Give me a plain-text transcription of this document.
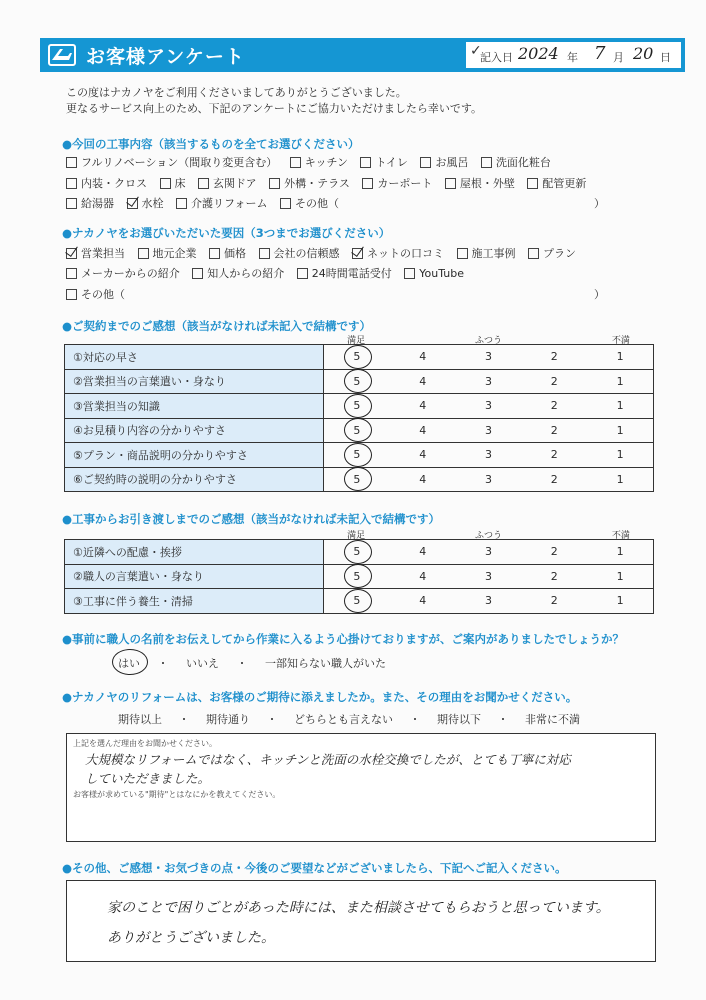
お客様アンケート	✓
記入日 2024 年 7 月 20 日
この度はナカノヤをご利用くださいましてありがとうございました。
更なるサービス向上のため、下記のアンケートにご協力いただけましたら幸いです。
●今回の工事内容（該当するものを全てお選びください）
フルリノベーション（間取り変更含む）
	キッチン
	トイレ
	お風呂
	洗面化粧台
内装・クロス
	床
	玄関ドア
	外構・テラス
	カーポート
	屋根・外壁
	配管更新
給湯器
	水栓
	介護リフォーム
	その他（	）
●ナカノヤをお選びいただいた要因（3つまでお選びください）
営業担当
	地元企業
	価格
	会社の信頼感
	ネットの口コミ
	施工事例
	プラン
メーカーからの紹介
	知人からの紹介
	24時間電話受付
	YouTube
その他（	）
●ご契約までのご感想（該当がなければ未記入で結構です）
満足	ふつう	不満
①対応の早さ	5 4 3 2 1

②営業担当の言葉遣い・身なり	5 4 3 2 1

③営業担当の知識	5 4 3 2 1

④お見積り内容の分かりやすさ	5 4 3 2 1

⑤プラン・商品説明の分かりやすさ	5 4 3 2 1

⑥ご契約時の説明の分かりやすさ	5 4 3 2 1
●工事からお引き渡しまでのご感想（該当がなければ未記入で結構です）
満足	ふつう	不満
①近隣への配慮・挨拶	5 4 3 2 1

②職人の言葉遣い・身なり	5 4 3 2 1

③工事に伴う養生・清掃	5 4 3 2 1
●事前に職人の名前をお伝えしてから作業に入るよう心掛けておりますが、ご案内がありましたでしょうか？
はい ・ いいえ ・ 一部知らない職人がいた
●ナカノヤのリフォームは、お客様のご期待に添えましたか。また、その理由をお聞かせください。
期待以上 ・ 期待通り ・ どちらとも言えない ・ 期待以下 ・ 非常に不満
上記を選んだ理由をお聞かせください。
大規模なリフォームではなく、キッチンと洗面の水栓交換でしたが、とても丁寧に対応
していただきました。
お客様が求めている"期待"とはなにかを教えてください。
●その他、ご感想・お気づきの点・今後のご要望などがございましたら、下記へご記入ください。
家のことで困りごとがあった時には、また相談させてもらおうと思っています。
ありがとうございました。
